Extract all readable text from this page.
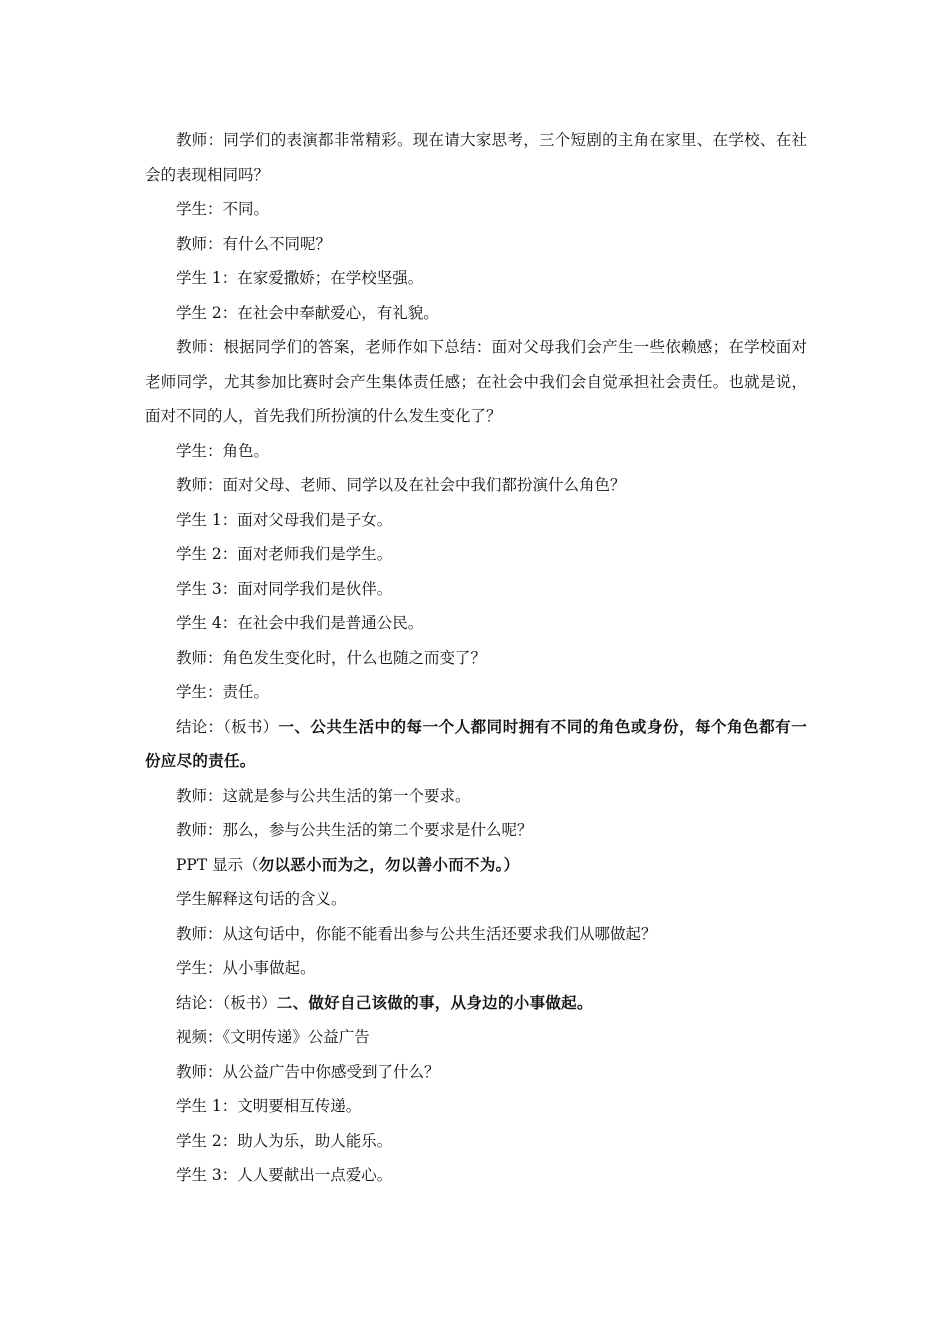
教师：同学们的表演都非常精彩。现在请大家思考，三个短剧的主角在家里、在学校、在社会的表现相同吗？

学生：不同。

教师：有什么不同呢？

学生 1：在家爱撒娇；在学校坚强。

学生 2：在社会中奉献爱心，有礼貌。

教师：根据同学们的答案，老师作如下总结：面对父母我们会产生一些依赖感；在学校面对老师同学，尤其参加比赛时会产生集体责任感；在社会中我们会自觉承担社会责任。也就是说，面对不同的人，首先我们所扮演的什么发生变化了？

学生：角色。

教师：面对父母、老师、同学以及在社会中我们都扮演什么角色？

学生 1：面对父母我们是子女。

学生 2：面对老师我们是学生。

学生 3：面对同学我们是伙伴。

学生 4：在社会中我们是普通公民。

教师：角色发生变化时，什么也随之而变了？

学生：责任。

结论：（板书）一、公共生活中的每一个人都同时拥有不同的角色或身份，每个角色都有一份应尽的责任。

教师：这就是参与公共生活的第一个要求。

教师：那么，参与公共生活的第二个要求是什么呢？

PPT 显示（勿以恶小而为之，勿以善小而不为。）

学生解释这句话的含义。

教师：从这句话中，你能不能看出参与公共生活还要求我们从哪做起？

学生：从小事做起。

结论：（板书）二、做好自己该做的事，从身边的小事做起。

视频：《文明传递》公益广告

教师：从公益广告中你感受到了什么？

学生 1：文明要相互传递。

学生 2：助人为乐，助人能乐。

学生 3：人人要献出一点爱心。
